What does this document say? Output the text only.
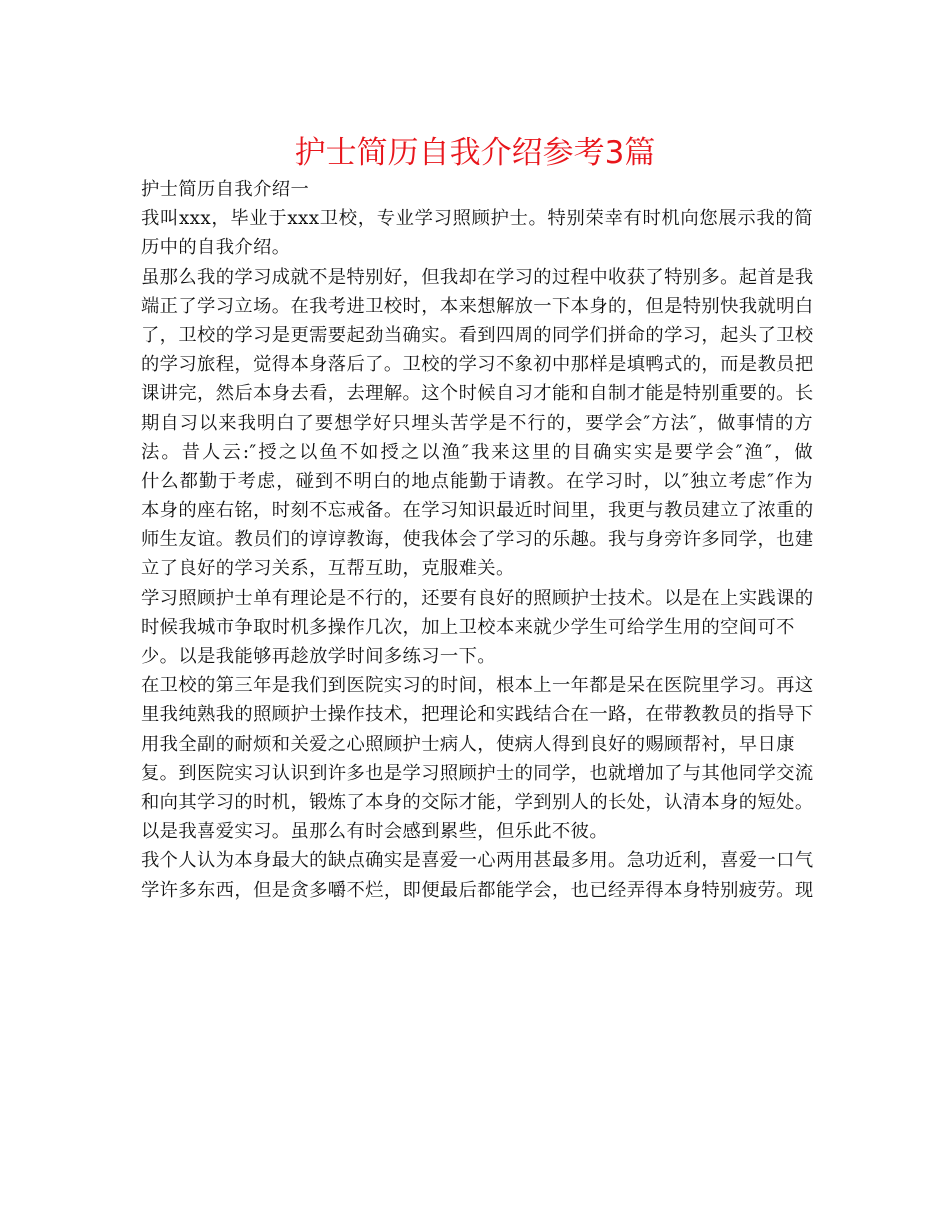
护士简历自我介绍参考3篇
护士简历自我介绍一
我叫xxx，毕业于xxx卫校，专业学习照顾护士。特别荣幸有时机向您展示我的简
历中的自我介绍。
虽那么我的学习成就不是特别好，但我却在学习的过程中收获了特别多。起首是我
端正了学习立场。在我考进卫校时，本来想解放一下本身的，但是特别快我就明白
了，卫校的学习是更需要起劲当确实。看到四周的同学们拼命的学习，起头了卫校
的学习旅程，觉得本身落后了。卫校的学习不象初中那样是填鸭式的，而是教员把
课讲完，然后本身去看，去理解。这个时候自习才能和自制才能是特别重要的。长
期自习以来我明白了要想学好只埋头苦学是不行的，要学会″方法″，做事情的方
法。昔人云:″授之以鱼不如授之以渔″我来这里的目确实实是要学会″渔″，做
什么都勤于考虑，碰到不明白的地点能勤于请教。在学习时，以″独立考虑″作为
本身的座右铭，时刻不忘戒备。在学习知识最近时间里，我更与教员建立了浓重的
师生友谊。教员们的谆谆教诲，使我体会了学习的乐趣。我与身旁许多同学，也建
立了良好的学习关系，互帮互助，克服难关。
学习照顾护士单有理论是不行的，还要有良好的照顾护士技术。以是在上实践课的
时候我城市争取时机多操作几次，加上卫校本来就少学生可给学生用的空间可不
少。以是我能够再趁放学时间多练习一下。
在卫校的第三年是我们到医院实习的时间，根本上一年都是呆在医院里学习。再这
里我纯熟我的照顾护士操作技术，把理论和实践结合在一路，在带教教员的指导下
用我全副的耐烦和关爱之心照顾护士病人，使病人得到良好的赐顾帮衬，早日康
复。到医院实习认识到许多也是学习照顾护士的同学，也就增加了与其他同学交流
和向其学习的时机，锻炼了本身的交际才能，学到别人的长处，认清本身的短处。
以是我喜爱实习。虽那么有时会感到累些，但乐此不彼。
我个人认为本身最大的缺点确实是喜爱一心两用甚最多用。急功近利，喜爱一口气
学许多东西，但是贪多嚼不烂，即便最后都能学会，也已经弄得本身特别疲劳。现
